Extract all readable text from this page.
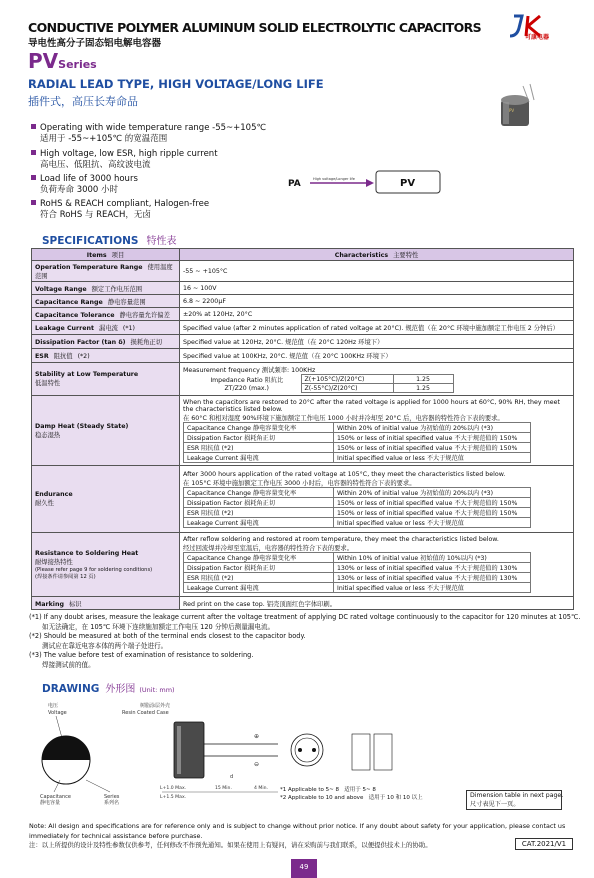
CONDUCTIVE POLYMER ALUMINUM SOLID ELECTROLYTIC CAPACITORS
导电性高分子固态铝电解电容器
可康电器
PVSeries
RADIAL LEAD TYPE, HIGH VOLTAGE/LONG LIFE
插件式，高压长寿命品
PV
Operating with wide temperature range -55~+105℃
适用于 -55~+105℃ 的宽温范围
High voltage, low ESR, high ripple current
高电压、低阻抗、高纹波电流
Load life of 3000 hours
负荷寿命 3000 小时
RoHS & REACH compliant, Halogen-free
符合 RoHS 与 REACH，无卤
PA	High voltage/Longer life	PV
SPECIFICATIONS 特性表
Items 项目	Characteristics 主要特性
Operation Temperature Range 使用温度范围	-55 ~ +105°C
Voltage Range 额定工作电压范围	16 ~ 100V
Capacitance Range 静电容量范围	6.8 ~ 2200μF
Capacitance Tolerance 静电容量允许偏差	±20% at 120Hz, 20°C
Leakage Current 漏电流 (*1)	Specified value (after 2 minutes application of rated voltage at 20°C). 规范值（在 20°C 环境中施加额定工作电压 2 分钟后）
Dissipation Factor (tan δ) 损耗角正切	Specified value at 120Hz, 20°C. 规范值（在 20°C 120Hz 环境下）
ESR 阻抗值 (*2)	Specified value at 100KHz, 20°C. 规范值（在 20°C 100KHz 环境下）
Stability at Low Temperature
低温特性	
Measurement frequency 测试频率: 100KHz
Impedance Ratio 阻抗比	Z(+105°C)/Z(20°C)	1.25
ZT/Z20 (max.)	Z(-55°C)/Z(20°C)	1.25

Damp Heat (Steady State)
稳态湿热	
When the capacitors are restored to 20°C after the rated voltage is applied for 1000 hours at 60°C, 90% RH, they meet the characteristics listed below.
在 60°C 和相对湿度 90%环境下施加额定工作电压 1000 小时并冷却至 20°C 后，电容器的特性符合下表的要求。
Capacitance Change 静电容量变化率	Within 20% of initial value 为初始值的 20%以内 (*3)
Dissipation Factor 损耗角正切	150% or less of initial specified value 不大于规范值的 150%
ESR 阻抗值 (*2)	150% or less of initial specified value 不大于规范值的 150%
Leakage Current 漏电流	Initial specified value or less 不大于规范值

Endurance
耐久性	
After 3000 hours application of the rated voltage at 105°C, they meet the characteristics listed below.
在 105°C 环境中施加额定工作电压 3000 小时后，电容器的特性符合下表的要求。
Capacitance Change 静电容量变化率	Within 20% of initial value 为初始值的 20%以内 (*3)
Dissipation Factor 损耗角正切	150% or less of initial specified value 不大于规范值的 150%
ESR 阻抗值 (*2)	150% or less of initial specified value 不大于规范值的 150%
Leakage Current 漏电流	Initial specified value or less 不大于规范值

Resistance to Soldering Heat
耐焊接热特性
(Please refer page 9 for soldering conditions)
(焊接条件请参阅第 12 页)	
After reflow soldering and restored at room temperature, they meet the characteristics listed below.
经过回流焊并冷却至室温后，电容器的特性符合下表的要求。
Capacitance Change 静电容量变化率	Within 10% of initial value 初始值的 10%以内 (*3)
Dissipation Factor 损耗角正切	130% or less of initial specified value 不大于规范值的 130%
ESR 阻抗值 (*2)	130% or less of initial specified value 不大于规范值的 130%
Leakage Current 漏电流	Initial specified value or less 不大于规范值

Marking 标识	Red print on the case top. 铝壳顶面红色字体印刷。
(*1) If any doubt arises, measure the leakage current after the voltage treatment of applying DC rated voltage continuously to the capacitor for 120 minutes at 105℃.
如无法确定，在 105℃ 环境下连续施加额定工作电压 120 分钟后测量漏电流。
(*2) Should be measured at both of the terminal ends closest to the capacitor body.
测试应在靠近电容本体的两个端子处进行。
(*3) The value before test of examination of resistance to soldering.
焊接测试前的值。
DRAWING 外形图 (Unit: mm)
电压
Voltage
Capacitance
静电容量
Series
系列名
树脂涂层外壳
Resin Coated Case
⊕
⊖
d
L+1.0 Max.
L+1.5 Max.
15 Min.	4 Min. *1 Applicable to 5~ 8 适用于 5~ 8
*2 Applicable to 10 and above 适用于 10 和 10 以上	Dimension table in next page.
尺寸表见下一页。
Note: All design and specifications are for reference only and is subject to change without prior notice. If any doubt about safety for your application, please contact us immediately for technical assistance before purchase.
注：以上所提供的设计及特性参数仅供参考，任何修改不作预先通知。如果在使用上有疑问，请在采购前与我们联系，以便提供技术上的协助。	CAT.2021/V1
49
